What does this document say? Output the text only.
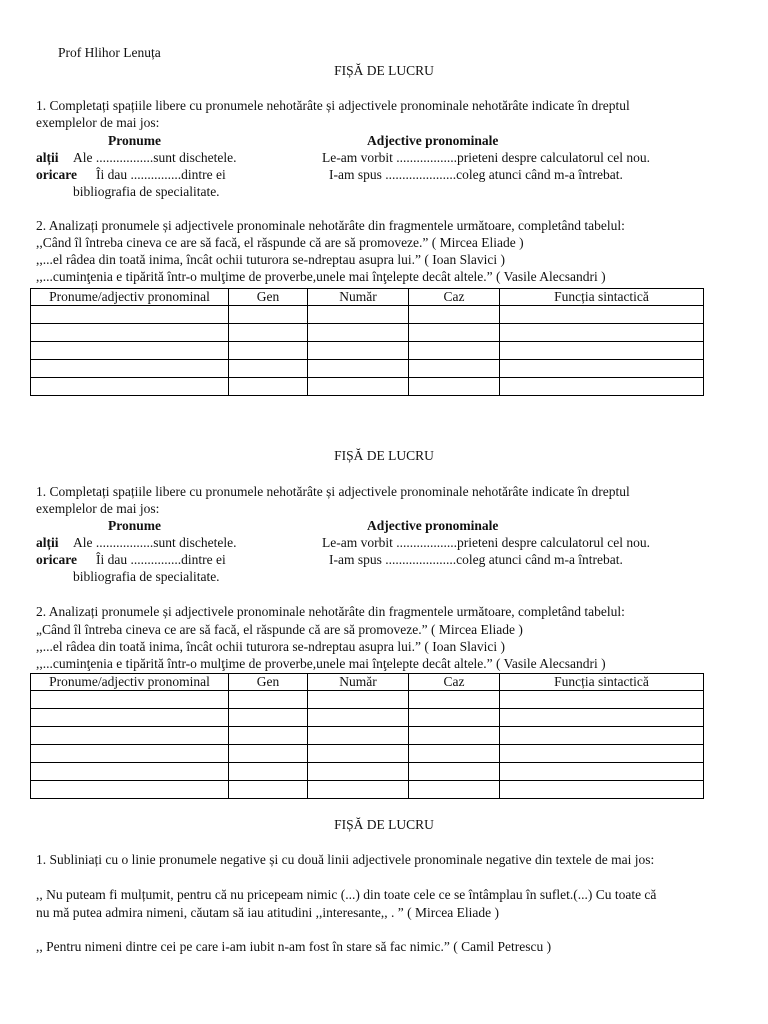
Prof Hlihor Lenuța
FIȘĂ DE LUCRU
1. Completați spațiile libere cu pronumele nehotărâte și adjectivele pronominale nehotărâte indicate în dreptul
exemplelor de mai jos:
Pronume	Adjective pronominale
alții Ale .................sunt dischetele.	Le-am vorbit ..................prieteni despre calculatorul cel nou.
oricare Îi dau ...............dintre ei	I-am spus .....................coleg atunci când m-a întrebat.
bibliografia de specialitate.
2. Analizați pronumele și adjectivele pronominale nehotărâte din fragmentele următoare, completând tabelul:
,,Când îl întreba cineva ce are să facă, el răspunde că are să promoveze.” ( Mircea Eliade )
,,...el râdea din toată inima, încât ochii tuturora se-ndreptau asupra lui.” ( Ioan Slavici )
,,...cuminţenia e tipărită într-o mulţime de proverbe,unele mai înţelepte decât altele.” ( Vasile Alecsandri )
Pronume/adjectiv pronominal	Gen	Număr	Caz	Funcția sintactică

FIȘĂ DE LUCRU
1. Completați spațiile libere cu pronumele nehotărâte și adjectivele pronominale nehotărâte indicate în dreptul
exemplelor de mai jos:
Pronume	Adjective pronominale
alții Ale .................sunt dischetele.	Le-am vorbit ..................prieteni despre calculatorul cel nou.
oricare Îi dau ...............dintre ei	I-am spus .....................coleg atunci când m-a întrebat.
bibliografia de specialitate.
2. Analizați pronumele și adjectivele pronominale nehotărâte din fragmentele următoare, completând tabelul:
„Când îl întreba cineva ce are să facă, el răspunde că are să promoveze.” ( Mircea Eliade )
,,...el râdea din toată inima, încât ochii tuturora se-ndreptau asupra lui.” ( Ioan Slavici )
,,...cuminţenia e tipărită într-o mulţime de proverbe,unele mai înţelepte decât altele.” ( Vasile Alecsandri )
Pronume/adjectiv pronominal	Gen	Număr	Caz	Funcția sintactică

FIȘĂ DE LUCRU
1. Subliniați cu o linie pronumele negative și cu două linii adjectivele pronominale negative din textele de mai jos:
,, Nu puteam fi mulțumit, pentru că nu pricepeam nimic (...) din toate cele ce se întâmplau în suflet.(...) Cu toate că
nu mă putea admira nimeni, căutam să iau atitudini ,,interesante,, . ” ( Mircea Eliade )
,, Pentru nimeni dintre cei pe care i-am iubit n-am fost în stare să fac nimic.” ( Camil Petrescu )
